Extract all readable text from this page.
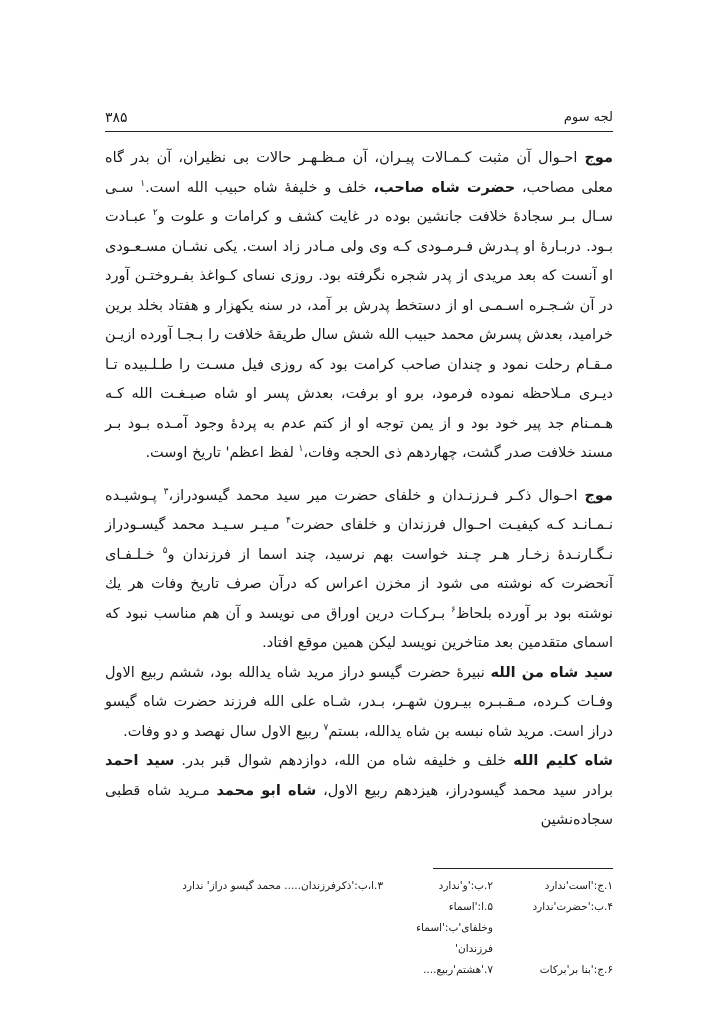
لجه سوم
۳۸۵

موج احـوال آن مثبت کـمـالات پیـران، آن مـظـهـر حالات بی نظیران، آن بدر گاه معلی مصاحب، حضرت شاه صاحب، خلف و خلیفۀ شاه حبیب الله است.$^۱$ سـی سـال بـر سجادۀ خلافت جانشین بوده در غایت کشف و کرامات و علوت و$^۲$ عبـادت بـود. دربـارۀ او پـدرش فـرمـودی کـه وی ولی مـادر زاد است. یکی نشـان مسـعـودی او آنست که بعد مریدی از پدر شجره نگرفته بود. روزی نسای کـواغذ بفـروختـن آورد در آن شـجـره اسـمـی او از دستخط پدرش بر آمد، در سنه یکهزار و هفتاد بخلد برین خرامید، بعدش پسرش محمد حبیب الله شش سال طریقۀ خلافت را بـجـا آورده ازیـن مـقـام رحلت نمود و چندان صاحب کرامت بود که روزی فیل مسـت را طـلـبیده تـا دیـری مـلاحظه نموده فرمود، برو او برفت، بعدش پسر او شاه صبـغـت الله کـه هـمـنام جد پیر خود بود و از یمن توجه او از کتم عدم به پردۀ وجود آمـده بـود بـر مسند خلافت صدر گشت، چهاردهم ذی الحجه وفات،$^۱$ لفظ اعظم' تاریخ اوست.

موج احـوال ذکـر فـرزنـدان و خلفای حضرت میر سید محمد گیسودراز،$^۳$ پـوشیـده نـمـانـد کـه کیفیـت احـوال فرزندان و خلفای حضرت$^۴$ مـیـر سـیـد محمد گیسـودراز نـگـارنـدۀ زخـار هـر چـند خواست بهم نرسید، چند اسما از فرزندان و$^۵$ خـلـفـای آنحضرت که نوشته می شود از مخزن اعراس که درآن صرف تاریخ وفات هر یك نوشته بود بر آورده بلحاظ$^۶$ بـرکـات درین اوراق می نویسد و آن هم مناسب نبود که اسمای متقدمین بعد متاخرین نویسد لیکن همین موقع افتاد.

سید شاه من الله نبیرۀ حضرت گیسو دراز مرید شاه یدالله بود، ششم ربیع الاول وفـات کـرده، مـقـبـره بیـرون شهـر، بـدر، شـاه علی الله فرزند حضرت شاه گیسو دراز است. مرید شاه نبسه بن شاه یدالله، بستم$^۷$ ربیع الاول سال نهصد و دو وفات.

شاه کلیم الله خلف و خلیفه شاه من الله، دوازدهم شوال قبر بدر. سید احمد برادر سید محمد گیسودراز، هیزدهم ربیع الاول، شاه ابو محمد مـرید شاه قطبی سجاده‌نشین

۱.ج:'است'ندارد
۲.ب:'و'ندارد
۳.ا،ب:'ذکرفرزندان..... محمد گیسو دراز' ندارد
۴.ب:'حضرت'ندارد
۵.ا:'اسماء وخلفای'ب:'اسماء فرزندان'
۶.ج:'بنا بر'برکات
۷.'هشتم'ربیع....
